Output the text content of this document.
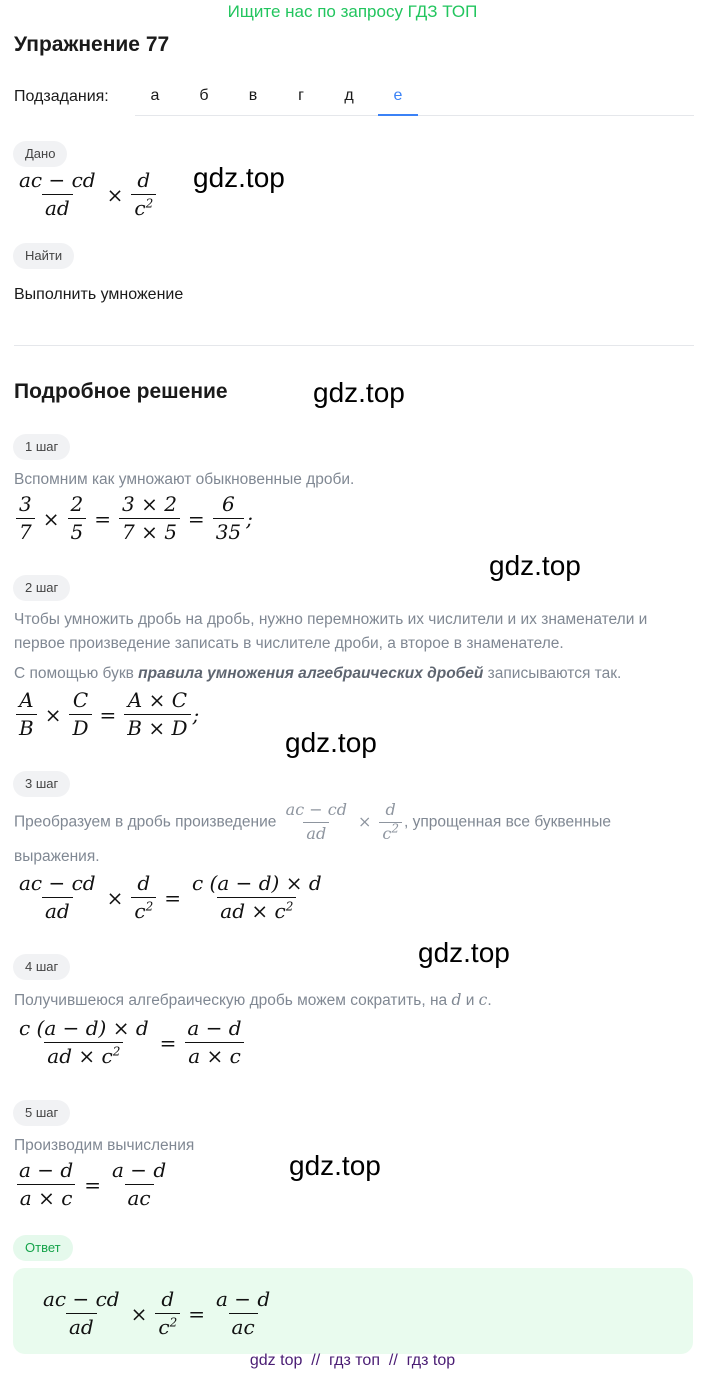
Ищите нас по запросу ГДЗ ТОП
Упражнение 77
Подзадания:	а	б	в	г	д	е
Дано
$\frac{ac - cd}{ad} \times \frac{d}{c^2} gdz.top$
Найти
Выполнить умножение
Подробное решение	gdz.top
1 шаг
Вспомним как умножают обыкновенные дроби.
$\frac{3}{7} \times \frac{2}{5} = \frac{3 \times 2}{7 \times 5} = \frac{6}{35}$ ;
gdz.top
2 шаг
Чтобы умножить дробь на дробь, нужно перемножить их числители и их знаменатели и первое произведение записать в числителе дроби, а второе в знаменателе.
С помощью букв правила умножения алгебраических дробей записываются так.
$\frac{A}{B} \times \frac{C}{D} = \frac{A \times C}{B \times D}$ ;
gdz.top
3 шаг
Преобразуем в дробь произведение $\frac{ac - cd}{ad} \times \frac{d}{c^2}$ , упрощенная все буквенные выражения.
$\frac{ac - cd}{ad} \times \frac{d}{c^2} = \frac{c (a - d) \times d}{ad \times c^2}$
gdz.top
4 шаг
Получившеюся алгебраическую дробь можем сократить, на d и c.
$\frac{c (a - d) \times d}{ad \times c^2} = \frac{a - d}{a \times c}$
5 шаг
Производим вычисления
$\frac{a - d}{a \times c} = \frac{a - d}{ac}$	gdz.top
Ответ
$\frac{ac - cd}{ad} \times \frac{d}{c^2} = \frac{a - d}{ac}$
gdz top  //  гдз топ  //  гдз top
